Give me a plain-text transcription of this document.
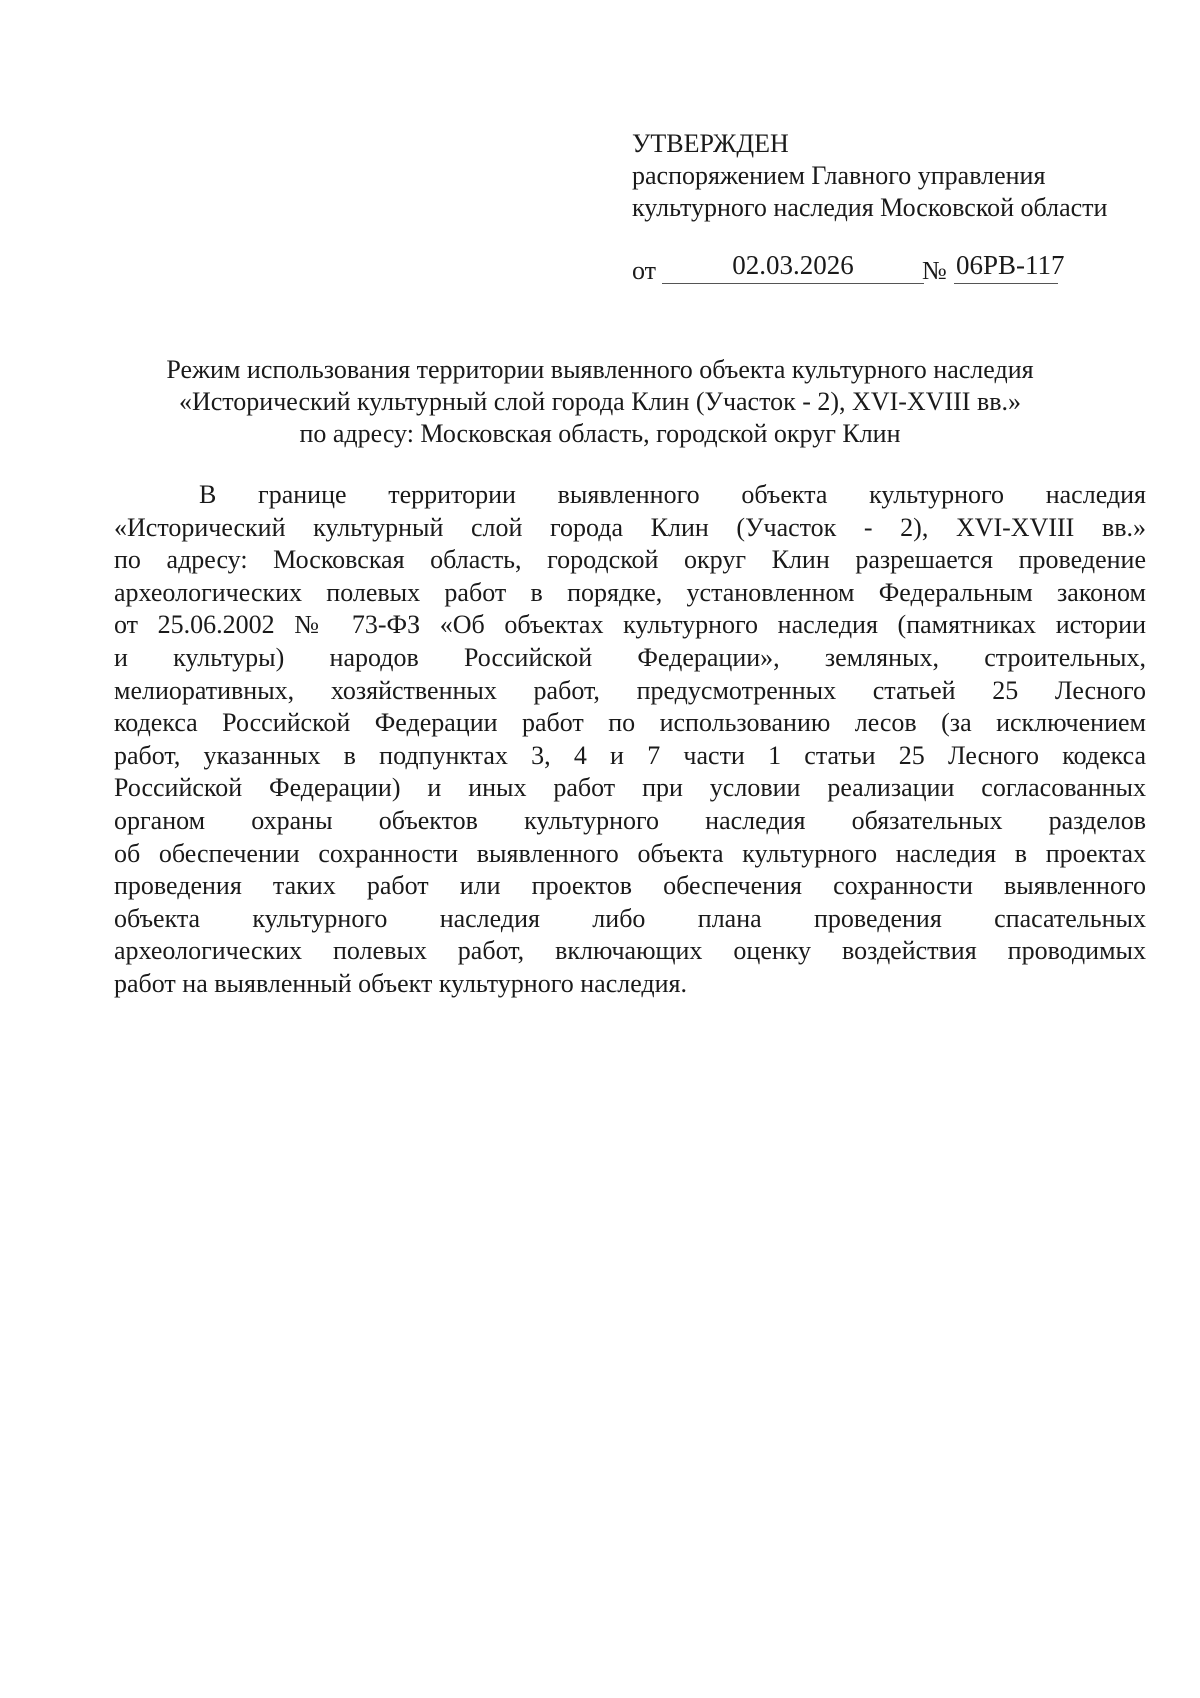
УТВЕРЖДЕН
распоряжением Главного управления
культурного наследия Московской области
от	02.03.2026	№ 06РВ-117
Режим использования территории выявленного объекта культурного наследия
«Исторический культурный слой города Клин (Участок - 2), XVI-XVIII вв.»
по адресу: Московская область, городской округ Клин
В границе территории выявленного объекта культурного наследия
«Исторический культурный слой города Клин (Участок - 2), XVI-XVIII вв.»
по адресу: Московская область, городской округ Клин разрешается проведение
археологических полевых работ в порядке, установленном Федеральным законом
от 25.06.2002 № 73-ФЗ «Об объектах культурного наследия (памятниках истории
и культуры) народов Российской Федерации», земляных, строительных,
мелиоративных, хозяйственных работ, предусмотренных статьей 25 Лесного
кодекса Российской Федерации работ по использованию лесов (за исключением
работ, указанных в подпунктах 3, 4 и 7 части 1 статьи 25 Лесного кодекса
Российской Федерации) и иных работ при условии реализации согласованных
органом охраны объектов культурного наследия обязательных разделов
об обеспечении сохранности выявленного объекта культурного наследия в проектах
проведения таких работ или проектов обеспечения сохранности выявленного
объекта культурного наследия либо плана проведения спасательных
археологических полевых работ, включающих оценку воздействия проводимых
работ на выявленный объект культурного наследия.
